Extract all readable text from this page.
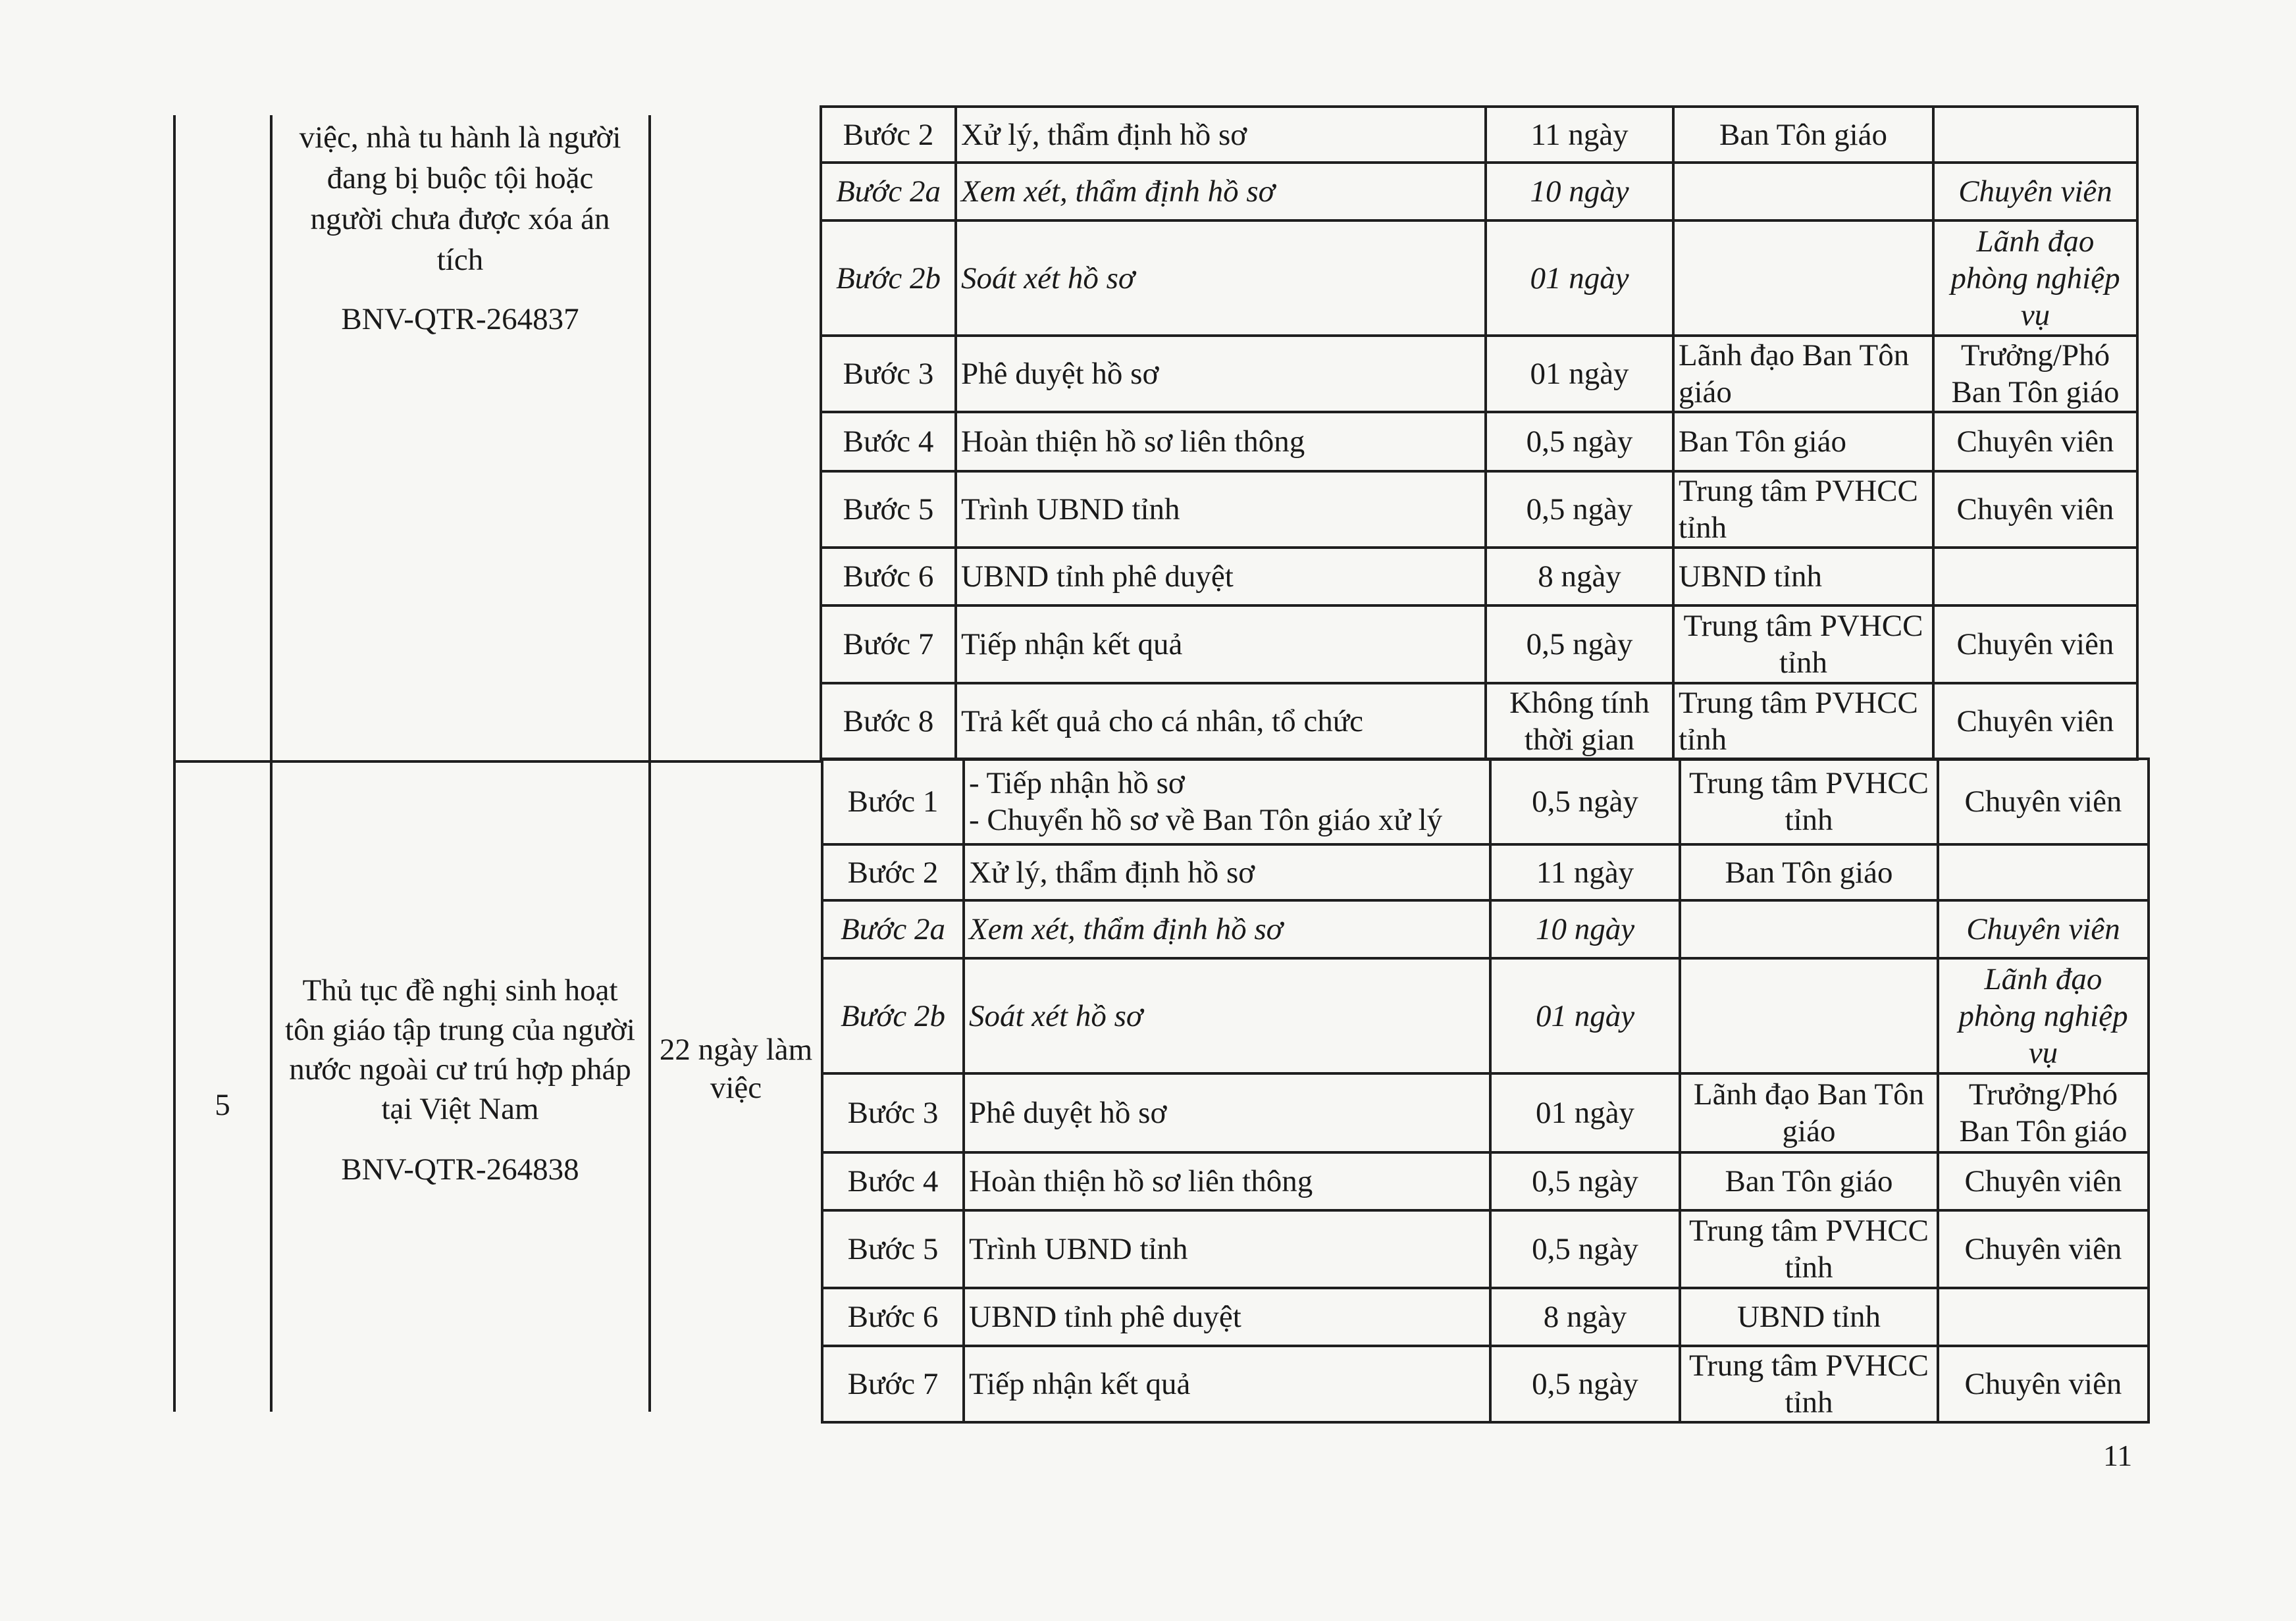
việc, nhà tu hành là người
đang bị buộc tội hoặc
người chưa được xóa án
tích
BNV-QTR-264837
5
Thủ tục đề nghị sinh hoạt
tôn giáo tập trung của người
nước ngoài cư trú hợp pháp
tại Việt Nam
BNV-QTR-264838
22 ngày làm
việc
Bước 2	Xử lý, thẩm định hồ sơ	11 ngày	Ban Tôn giáo	
Bước 2a	Xem xét, thẩm định hồ sơ	10 ngày		Chuyên viên
Bước 2b	Soát xét hồ sơ	01 ngày		Lãnh đạo phòng nghiệp vụ
Bước 3	Phê duyệt hồ sơ	01 ngày	Lãnh đạo Ban Tôn giáo	Trưởng/Phó Ban Tôn giáo
Bước 4	Hoàn thiện hồ sơ liên thông	0,5 ngày	Ban Tôn giáo	Chuyên viên
Bước 5	Trình UBND tỉnh	0,5 ngày	Trung tâm PVHCC tỉnh	Chuyên viên
Bước 6	UBND tỉnh phê duyệt	8 ngày	UBND tỉnh	
Bước 7	Tiếp nhận kết quả	0,5 ngày	Trung tâm PVHCC tỉnh	Chuyên viên
Bước 8	Trả kết quả cho cá nhân, tổ chức	Không tính thời gian	Trung tâm PVHCC tỉnh	Chuyên viên
Bước 1	- Tiếp nhận hồ sơ
- Chuyển hồ sơ về Ban Tôn giáo xử lý	0,5 ngày	Trung tâm PVHCC tỉnh	Chuyên viên
Bước 2	Xử lý, thẩm định hồ sơ	11 ngày	Ban Tôn giáo	
Bước 2a	Xem xét, thẩm định hồ sơ	10 ngày		Chuyên viên
Bước 2b	Soát xét hồ sơ	01 ngày		Lãnh đạo phòng nghiệp vụ
Bước 3	Phê duyệt hồ sơ	01 ngày	Lãnh đạo Ban Tôn giáo	Trưởng/Phó Ban Tôn giáo
Bước 4	Hoàn thiện hồ sơ liên thông	0,5 ngày	Ban Tôn giáo	Chuyên viên
Bước 5	Trình UBND tỉnh	0,5 ngày	Trung tâm PVHCC tỉnh	Chuyên viên
Bước 6	UBND tỉnh phê duyệt	8 ngày	UBND tỉnh	
Bước 7	Tiếp nhận kết quả	0,5 ngày	Trung tâm PVHCC tỉnh	Chuyên viên
11
